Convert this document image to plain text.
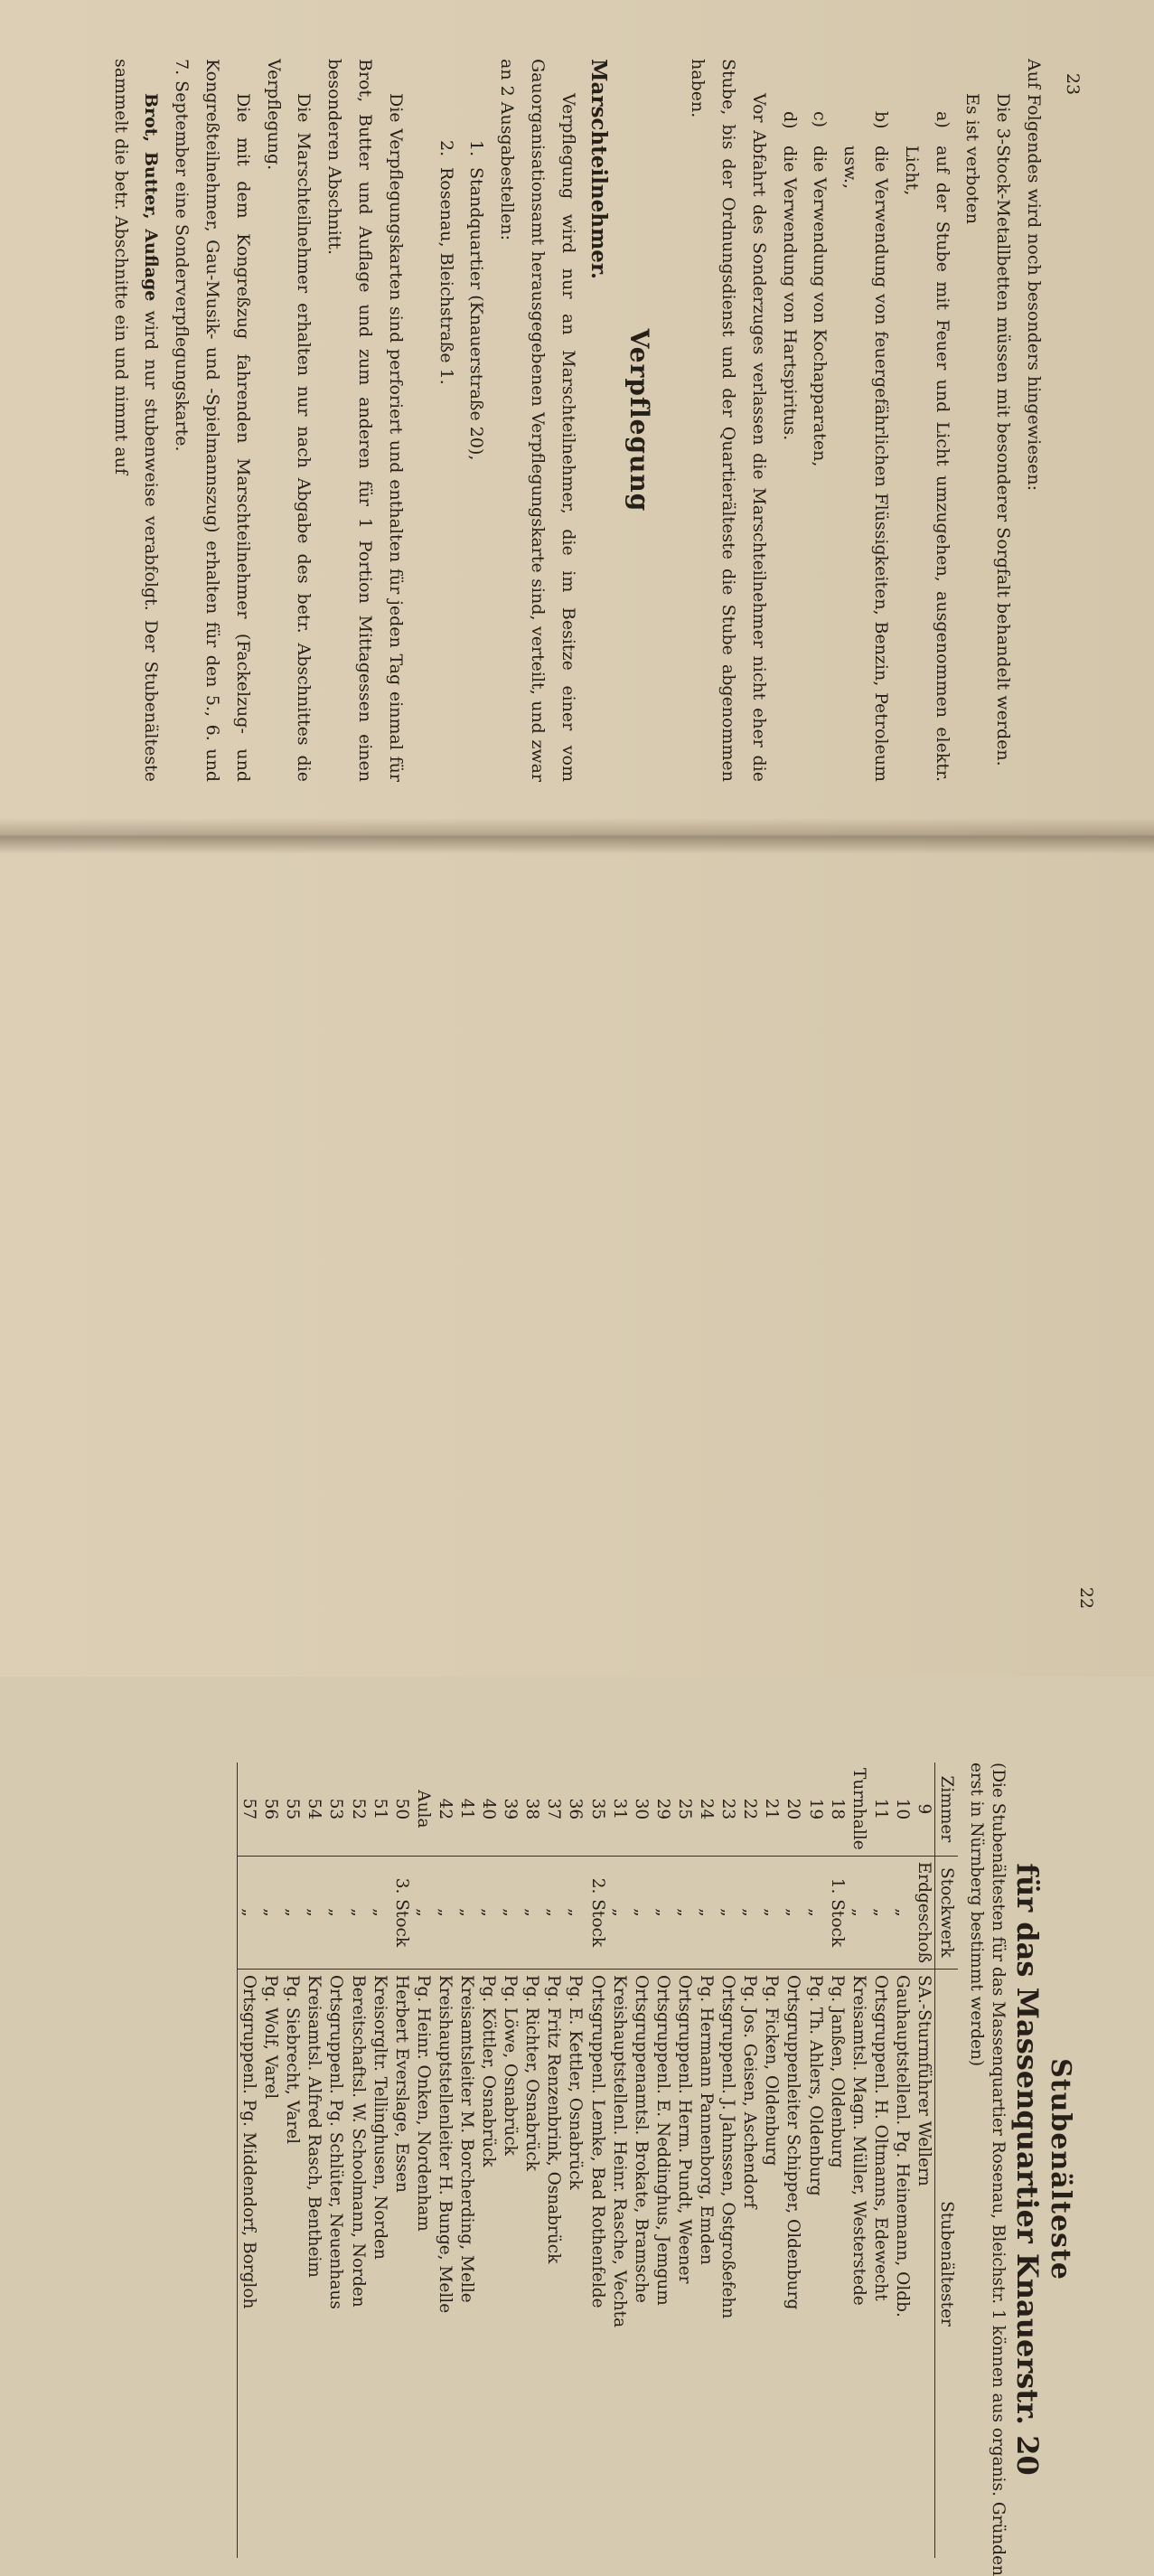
Auf Folgendes wird noch besonders hingewiesen:

Die 3-Stock-Metallbetten müssen mit besonderer Sorgfalt behandelt werden.

Es ist verboten

a)
auf der Stube mit Feuer und Licht umzugehen, ausgenommen elektr. Licht,
b)
die Verwendung von feuergefährlichen Flüssigkeiten, Benzin, Petroleum usw.,
c)
die Verwendung von Kochapparaten,
d)
die Verwendung von Hartspiritus.

Vor Abfahrt des Sonderzuges verlassen die Marschteilnehmer nicht eher die Stube, bis der Ordnungsdienst und der Quartierälteste die Stube abgenommen haben.

Verpflegung
Marschteilnehmer.

Verpflegung wird nur an Marschteilnehmer, die im Besitze einer vom Gauorganisationsamt herausgegebenen Verpflegungskarte sind, verteilt, und zwar an 2 Ausgabestellen:

1.
Standquartier (Knauerstraße 20),
2.
Rosenau, Bleichstraße 1.

Die Verpflegungskarten sind perforiert und enthalten für jeden Tag einmal für Brot, Butter und Auflage und zum anderen für 1 Portion Mittagessen einen besonderen Abschnitt.

Die Marschteilnehmer erhalten nur nach Abgabe des betr. Abschnittes die Verpflegung.

Die mit dem Kongreßzug fahrenden Marschteilnehmer (Fackelzug- und Kongreßteilnehmer, Gau-Musik- und -Spielmannszug) erhalten für den 5., 6. und 7. September eine Sonderverpflegungskarte.

Brot, Butter, Auflage wird nur stubenweise verabfolgt. Der Stubenälteste sammelt die betr. Abschnitte ein und nimmt auf	23
Stubenälteste
für das Massenquartier Knauerstr. 20
(Die Stubenältesten für das Massenquartier Rosenau, Bleichstr. 1 können aus organis. Gründen erst in Nürnberg bestimmt werden)
Zimmer	Stockwerk	Stubenältester
9	Erdgeschoß	SA.-Sturmführer Wellern
10	„	Gauhauptstellenl. Pg. Heinemann, Oldb.
11	„	Ortsgruppenl. H. Oltmanns, Edewecht
Turnhalle	„	Kreisamtsl. Magn. Müller, Westerstede
18	1. Stock	Pg. Janßen, Oldenburg
19	„	Pg. Th. Ahlers, Oldenburg
20	„	Ortsgruppenleiter Schipper, Oldenburg
21	„	Pg. Ficken, Oldenburg
22	„	Pg. Jos. Geisen, Aschendorf
23	„	Ortsgruppenl. J. Jahnssen, Ostgroßefehn
24	„	Pg. Hermann Pannenborg, Emden
25	„	Ortsgruppenl. Herm. Pundt, Weener
29	„	Ortsgruppenl. E. Neddinghus, Jemgum
30	„	Ortsgruppenamtsl. Brokate, Bramsche
31	„	Kreishauptstellenl. Heinr. Rasche, Vechta
35	2. Stock	Ortsgruppenl. Lemke, Bad Rothenfelde
36	„	Pg. E. Kettler, Osnabrück
37	„	Pg. Fritz Renzenbrink, Osnabrück
38	„	Pg. Richter, Osnabrück
39	„	Pg. Löwe, Osnabrück
40	„	Pg. Köttler, Osnabrück
41	„	Kreisamtsleiter M. Borcherding, Melle
42	„	Kreishauptstellenleiter H. Bunge, Melle
Aula	„	Pg. Heinr. Onken, Nordenham
50	3. Stock	Herbert Everslage, Essen
51	„	Kreisorgltr. Tellinghusen, Norden
52	„	Bereitschaftsl. W. Schoolmann, Norden
53	„	Ortsgruppenl. Pg. Schlüter, Neuenhaus
54	„	Kreisamtsl. Alfred Rasch, Bentheim
55	„	Pg. Siebrecht, Varel
56	„	Pg. Wolf, Varel
57	„	Ortsgruppenl. Pg. Middendorf, Borgloh
22
